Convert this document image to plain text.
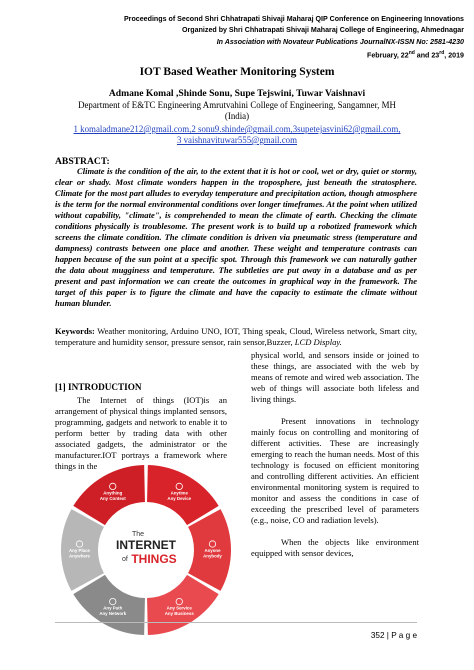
Proceedings of Second Shri Chhatrapati Shivaji Maharaj QIP Conference on Engineering Innovations
Organized by Shri Chhatrapati Shivaji Maharaj College of Engineering, Ahmednagar
In Association with Novateur Publications JournalNX-ISSN No: 2581-4230
February, 22nd and 23rd, 2019
IOT Based Weather Monitoring System
Admane Komal ,Shinde Sonu, Supe Tejswini, Tuwar Vaishnavi
Department of E&TC Engineering Amrutvahini College of Engineering, Sangamner, MH
(India)
1 komaladmane212@gmail.com,2 sonu9.shinde@gmail.com,3supetejasvini62@gmail.com,
3 vaishnavituwar555@gmail.com
ABSTRACT:
Climate is the condition of the air, to the extent that it is hot or cool, wet or dry, quiet or stormy, clear or shady. Most climate wonders happen in the troposphere, just beneath the stratosphere. Climate for the most part alludes to everyday temperature and precipitation action, though atmosphere is the term for the normal environmental conditions over longer timeframes. At the point when utilized without capability, "climate", is comprehended to mean the climate of earth. Checking the climate conditions physically is troublesome. The present work is to build up a robotized framework which screens the climate condition. The climate condition is driven via pneumatic stress (temperature and dampness) contrasts between one place and another. These weight and temperature contrasts can happen because of the sun point at a specific spot. Through this framework we can naturally gather the data about mugginess and temperature. The subtleties are put away in a database and as per present and past information we can create the outcomes in graphical way in the framework. The target of this paper is to figure the climate and have the capacity to estimate the climate without human blunder.
Keywords: Weather monitoring, Arduino UNO, IOT, Thing speak, Cloud, Wireless network, Smart city, temperature and humidity sensor, pressure sensor, rain sensor,Buzzer, LCD Display.
[1] INTRODUCTION
The Internet of things (IOT)is an arrangement of physical things implanted sensors, programming, gadgets and network to enable it to perform better by trading data with other associated gadgets, the administrator or the manufacturer.IOT portrays a framework where things in the
Anytime
Any Device
Anyone
Anybody
Any Service
Any Business
Any Path
Any Network
Any Place
Anywhere
Anything
Any Context
The
INTERNET
of THINGS
physical world, and sensors inside or joined to these things, are associated with the web by means of remote and wired web association. The web of things will associate both lifeless and living things.
Present innovations in technology mainly focus on controlling and monitoring of different activities. These are increasingly emerging to reach the human needs. Most of this technology is focused on efficient monitoring and controlling different activities. An efficient environmental monitoring system is required to monitor and assess the conditions in case of exceeding the prescribed level of parameters (e.g., noise, CO and radiation levels).
When the objects like environment equipped with sensor devices,
352 | P a g e
